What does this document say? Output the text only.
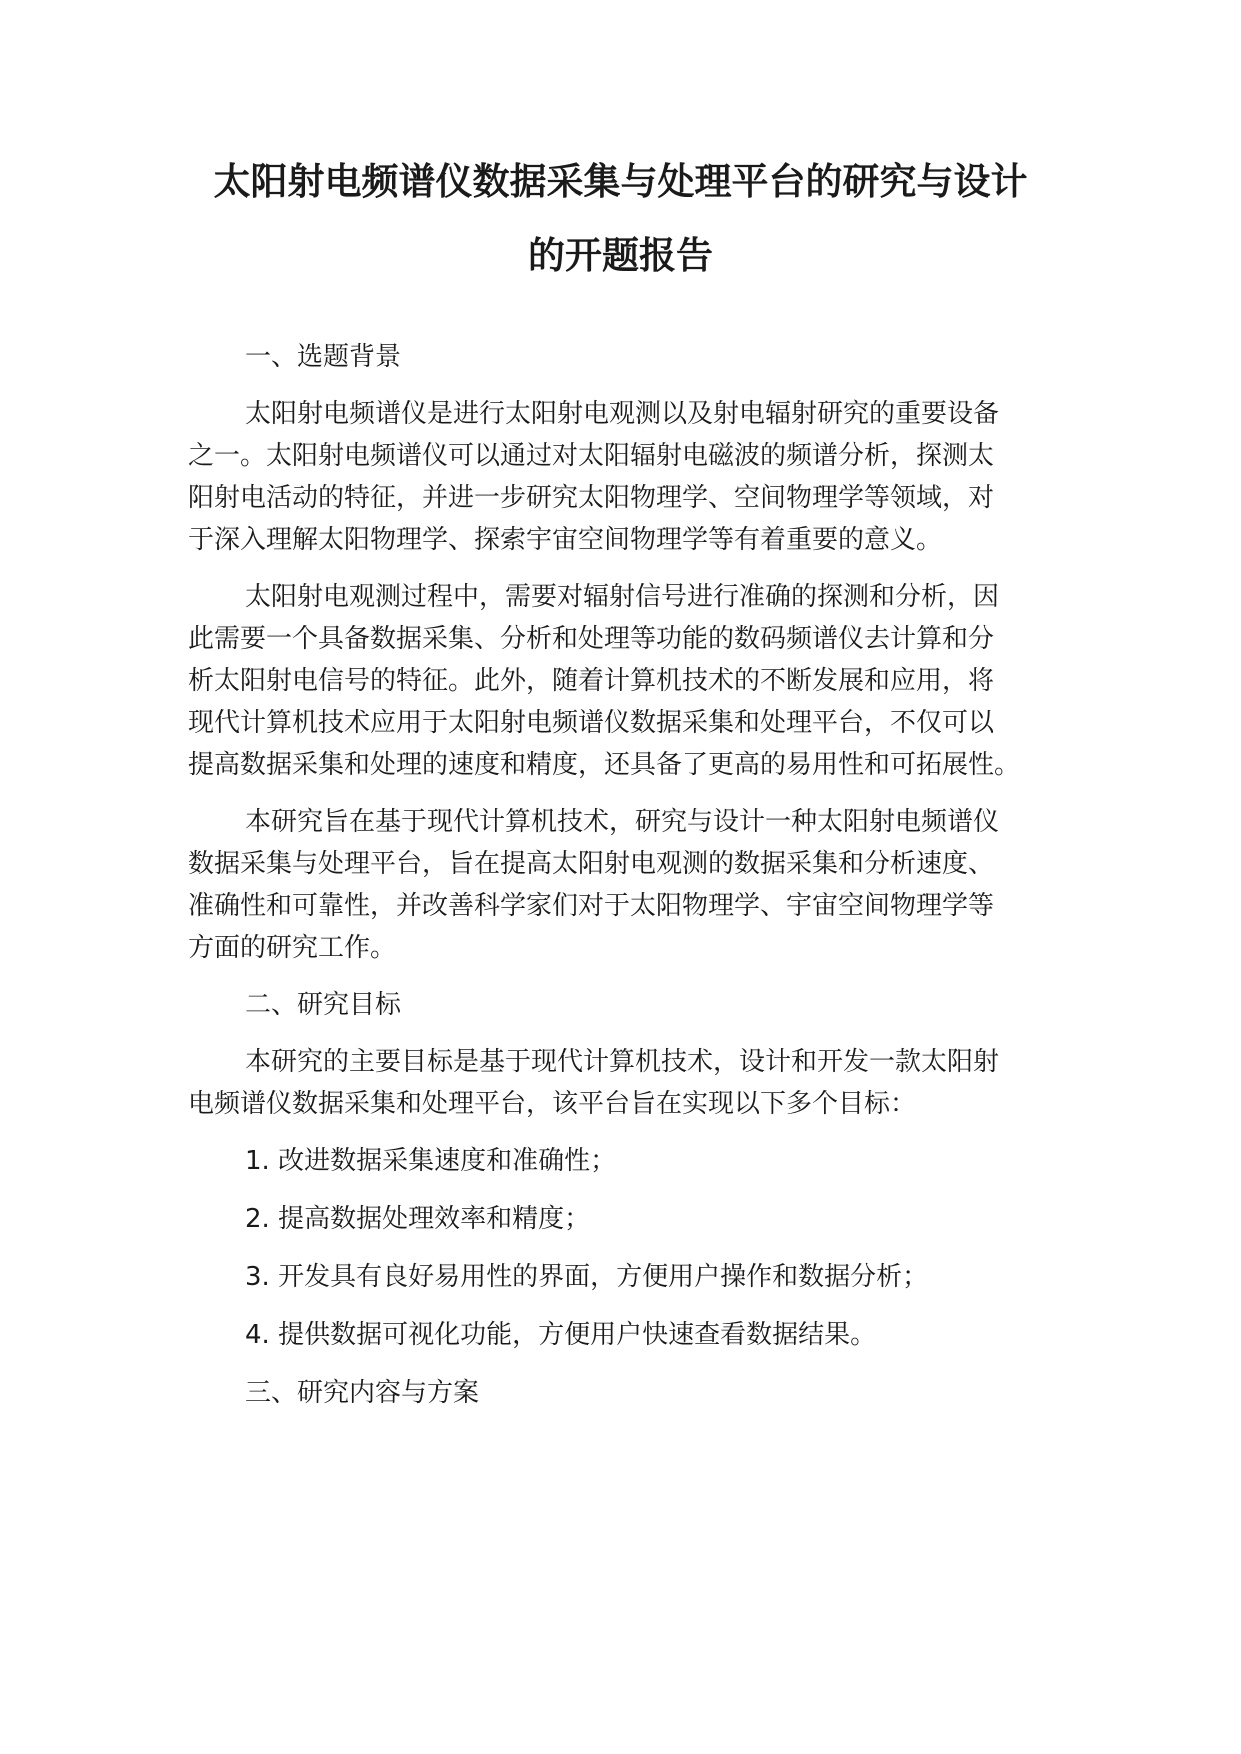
太阳射电频谱仪数据采集与处理平台的研究与设计
的开题报告
一、选题背景

太阳射电频谱仪是进行太阳射电观测以及射电辐射研究的重要设备

之一。太阳射电频谱仪可以通过对太阳辐射电磁波的频谱分析，探测太

阳射电活动的特征，并进一步研究太阳物理学、空间物理学等领域，对

于深入理解太阳物理学、探索宇宙空间物理学等有着重要的意义。

太阳射电观测过程中，需要对辐射信号进行准确的探测和分析，因

此需要一个具备数据采集、分析和处理等功能的数码频谱仪去计算和分

析太阳射电信号的特征。此外，随着计算机技术的不断发展和应用，将

现代计算机技术应用于太阳射电频谱仪数据采集和处理平台，不仅可以

提高数据采集和处理的速度和精度，还具备了更高的易用性和可拓展性。

本研究旨在基于现代计算机技术，研究与设计一种太阳射电频谱仪

数据采集与处理平台，旨在提高太阳射电观测的数据采集和分析速度、

准确性和可靠性，并改善科学家们对于太阳物理学、宇宙空间物理学等

方面的研究工作。

二、研究目标

本研究的主要目标是基于现代计算机技术，设计和开发一款太阳射

电频谱仪数据采集和处理平台，该平台旨在实现以下多个目标：

1. 改进数据采集速度和准确性；

2. 提高数据处理效率和精度；

3. 开发具有良好易用性的界面，方便用户操作和数据分析；

4. 提供数据可视化功能，方便用户快速查看数据结果。

三、研究内容与方案
